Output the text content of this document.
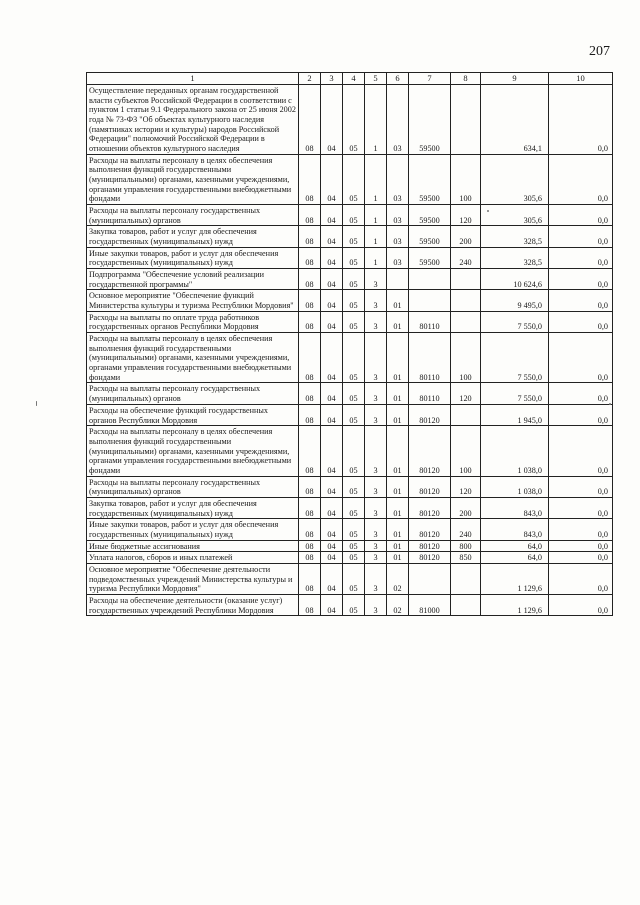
207
1	2	3	4	5	6	7	8	9	10
Осуществление переданных органам государственной власти субъектов Российской Федерации в соответствии с пунктом 1 статьи 9.1 Федерального закона от 25 июня 2002 года № 73-ФЗ "Об объектах культурного наследия (памятниках истории и культуры) народов Российской Федерации" полномочий Российской Федерации в отношении объектов культурного наследия	08	04	05	1	03	59500		634,1	0,0
Расходы на выплаты персоналу в целях обеспечения выполнения функций государственными (муниципальными) органами, казенными учреждениями, органами управления государственными внебюджетными фондами	08	04	05	1	03	59500	100	305,6	0,0
Расходы на выплаты персоналу государственных (муниципальных) органов	08	04	05	1	03	59500	120	305,6	0,0
Закупка товаров, работ и услуг для обеспечения государственных (муниципальных) нужд	08	04	05	1	03	59500	200	328,5	0,0
Иные закупки товаров, работ и услуг для обеспечения государственных (муниципальных) нужд	08	04	05	1	03	59500	240	328,5	0,0
Подпрограмма "Обеспечение условий реализации государственной программы"	08	04	05	3				10 624,6	0,0
Основное мероприятие "Обеспечение функций Министерства культуры и туризма Республики Мордовия"	08	04	05	3	01			9 495,0	0,0
Расходы на выплаты по оплате труда работников государственных органов Республики Мордовия	08	04	05	3	01	80110		7 550,0	0,0
Расходы на выплаты персоналу в целях обеспечения выполнения функций государственными (муниципальными) органами, казенными учреждениями, органами управления государственными внебюджетными фондами	08	04	05	3	01	80110	100	7 550,0	0,0
Расходы на выплаты персоналу государственных (муниципальных) органов	08	04	05	3	01	80110	120	7 550,0	0,0
Расходы на обеспечение функций государственных органов Республики Мордовия	08	04	05	3	01	80120		1 945,0	0,0
Расходы на выплаты персоналу в целях обеспечения выполнения функций государственными (муниципальными) органами, казенными учреждениями, органами управления государственными внебюджетными фондами	08	04	05	3	01	80120	100	1 038,0	0,0
Расходы на выплаты персоналу государственных (муниципальных) органов	08	04	05	3	01	80120	120	1 038,0	0,0
Закупка товаров, работ и услуг для обеспечения государственных (муниципальных) нужд	08	04	05	3	01	80120	200	843,0	0,0
Иные закупки товаров, работ и услуг для обеспечения государственных (муниципальных) нужд	08	04	05	3	01	80120	240	843,0	0,0
Иные бюджетные ассигнования	08	04	05	3	01	80120	800	64,0	0,0
Уплата налогов, сборов и иных платежей	08	04	05	3	01	80120	850	64,0	0,0
Основное мероприятие "Обеспечение деятельности подведомственных учреждений Министерства культуры и туризма Республики Мордовия"	08	04	05	3	02			1 129,6	0,0
Расходы на обеспечение деятельности (оказание услуг) государственных учреждений Республики Мордовия	08	04	05	3	02	81000		1 129,6	0,0
